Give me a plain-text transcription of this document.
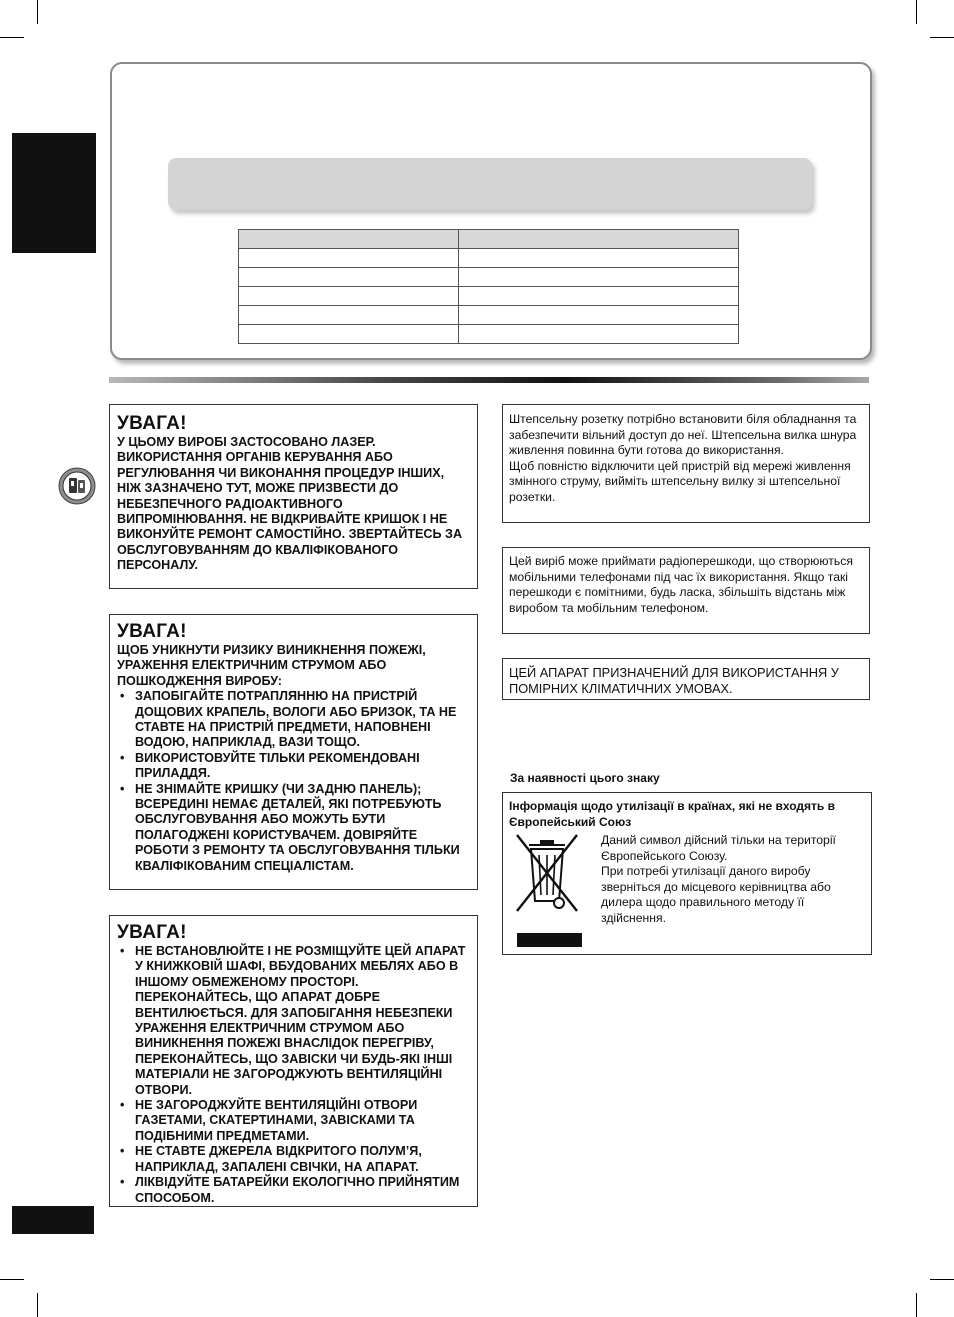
УВАГА!

У ЦЬОМУ ВИРОБІ ЗАСТОСОВАНО ЛАЗЕР. ВИКОРИСТАННЯ ОРГАНІВ КЕРУВАННЯ АБО РЕГУЛЮВАННЯ ЧИ ВИКОНАННЯ ПРОЦЕДУР ІНШИХ, НІЖ ЗАЗНАЧЕНО ТУТ, МОЖЕ ПРИЗВЕСТИ ДО НЕБЕЗПЕЧНОГО РАДІОАКТИВНОГО ВИПРОМІНЮВАННЯ. НЕ ВІДКРИВАЙТЕ КРИШОК І НЕ ВИКОНУЙТЕ РЕМОНТ САМОСТІЙНО. ЗВЕРТАЙТЕСЬ ЗА ОБСЛУГОВУВАННЯМ ДО КВАЛІФІКОВАНОГО ПЕРСОНАЛУ.

УВАГА!

ЩОБ УНИКНУТИ РИЗИКУ ВИНИКНЕННЯ ПОЖЕЖІ, УРАЖЕННЯ ЕЛЕКТРИЧНИМ СТРУМОМ АБО ПОШКОДЖЕННЯ ВИРОБУ:

• ЗАПОБІГАЙТЕ ПОТРАПЛЯННЮ НА ПРИСТРІЙ ДОЩОВИХ КРАПЕЛЬ, ВОЛОГИ АБО БРИЗОК, ТА НЕ СТАВТЕ НА ПРИСТРІЙ ПРЕДМЕТИ, НАПОВНЕНІ ВОДОЮ, НАПРИКЛАД, ВАЗИ ТОЩО.
• ВИКОРИСТОВУЙТЕ ТІЛЬКИ РЕКОМЕНДОВАНІ ПРИЛАДДЯ.
• НЕ ЗНІМАЙТЕ КРИШКУ (ЧИ ЗАДНЮ ПАНЕЛЬ); ВСЕРЕДИНІ НЕМАЄ ДЕТАЛЕЙ, ЯКІ ПОТРЕБУЮТЬ ОБСЛУГОВУВАННЯ АБО МОЖУТЬ БУТИ ПОЛАГОДЖЕНІ КОРИСТУВАЧЕМ. ДОВІРЯЙТЕ РОБОТИ З РЕМОНТУ ТА ОБСЛУГОВУВАННЯ ТІЛЬКИ КВАЛІФІКОВАНИМ СПЕЦІАЛІСТАМ.

УВАГА!

• НЕ ВСТАНОВЛЮЙТЕ І НЕ РОЗМІЩУЙТЕ ЦЕЙ АПАРАТ У КНИЖКОВІЙ ШАФІ, ВБУДОВАНИХ МЕБЛЯХ АБО В ІНШОМУ ОБМЕЖЕНОМУ ПРОСТОРІ. ПЕРЕКОНАЙТЕСЬ, ЩО АПАРАТ ДОБРЕ ВЕНТИЛЮЄТЬСЯ. ДЛЯ ЗАПОБІГАННЯ НЕБЕЗПЕКИ УРАЖЕННЯ ЕЛЕКТРИЧНИМ СТРУМОМ АБО ВИНИКНЕННЯ ПОЖЕЖІ ВНАСЛІДОК ПЕРЕГРІВУ, ПЕРЕКОНАЙТЕСЬ, ЩО ЗАВІСКИ ЧИ БУДЬ-ЯКІ ІНШІ МАТЕРІАЛИ НЕ ЗАГОРОДЖУЮТЬ ВЕНТИЛЯЦІЙНІ ОТВОРИ.
• НЕ ЗАГОРОДЖУЙТЕ ВЕНТИЛЯЦІЙНІ ОТВОРИ ГАЗЕТАМИ, СКАТЕРТИНАМИ, ЗАВІСКАМИ ТА ПОДІБНИМИ ПРЕДМЕТАМИ.
• НЕ СТАВТЕ ДЖЕРЕЛА ВІДКРИТОГО ПОЛУМ’Я, НАПРИКЛАД, ЗАПАЛЕНІ СВІЧКИ, НА АПАРАТ.
• ЛІКВІДУЙТЕ БАТАРЕЙКИ ЕКОЛОГІЧНО ПРИЙНЯТИМ СПОСОБОМ.

Штепсельну розетку потрібно встановити біля обладнання та забезпечити вільний доступ до неї. Штепсельна вилка шнура живлення повинна бути готова до використання.

Щоб повністю відключити цей пристрій від мережі живлення змінного струму, вийміть штепсельну вилку зі штепсельної розетки.

Цей виріб може приймати радіоперешкоди, що створюються мобільними телефонами під час їх використання. Якщо такі перешкоди є помітними, будь ласка, збільшіть відстань між виробом та мобільним телефоном.

ЦЕЙ АПАРАТ ПРИЗНАЧЕНИЙ ДЛЯ ВИКОРИСТАННЯ У ПОМІРНИХ КЛІМАТИЧНИХ УМОВАХ.

За наявності цього знаку

Інформація щодо утилізації в країнах, які не входять в Європейський Союз

Даний символ дійсний тільки на території Європейського Союзу.

При потребі утилізації даного виробу зверніться до місцевого керівництва або дилера щодо правильного методу її здійснення.
